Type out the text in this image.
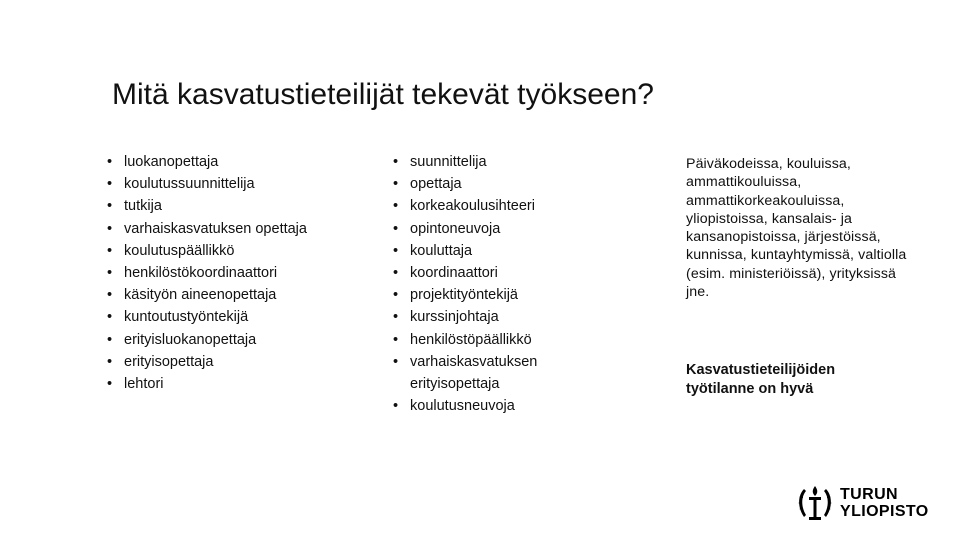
Mitä kasvatustieteilijät tekevät työkseen?
• luokanopettaja
• koulutussuunnittelija
• tutkija
• varhaiskasvatuksen opettaja
• koulutuspäällikkö
• henkilöstökoordinaattori
• käsityön aineenopettaja
• kuntoutustyöntekijä
• erityisluokanopettaja
• erityisopettaja
• lehtori
• suunnittelija
• opettaja
• korkeakoulusihteeri
• opintoneuvoja
• kouluttaja
• koordinaattori
• projektityöntekijä
• kurssinjohtaja
• henkilöstöpäällikkö
• varhaiskasvatuksen erityisopettaja
• koulutusneuvoja
Päiväkodeissa, kouluissa, ammattikouluissa, ammattikorkeakouluissa, yliopistoissa, kansalais- ja kansanopistoissa, järjestöissä, kunnissa, kuntayhtymissä, valtiolla (esim. ministeriöissä), yrityksissä jne.
Kasvatustieteilijöiden työtilanne on hyvä
TURUN
YLIOPISTO
